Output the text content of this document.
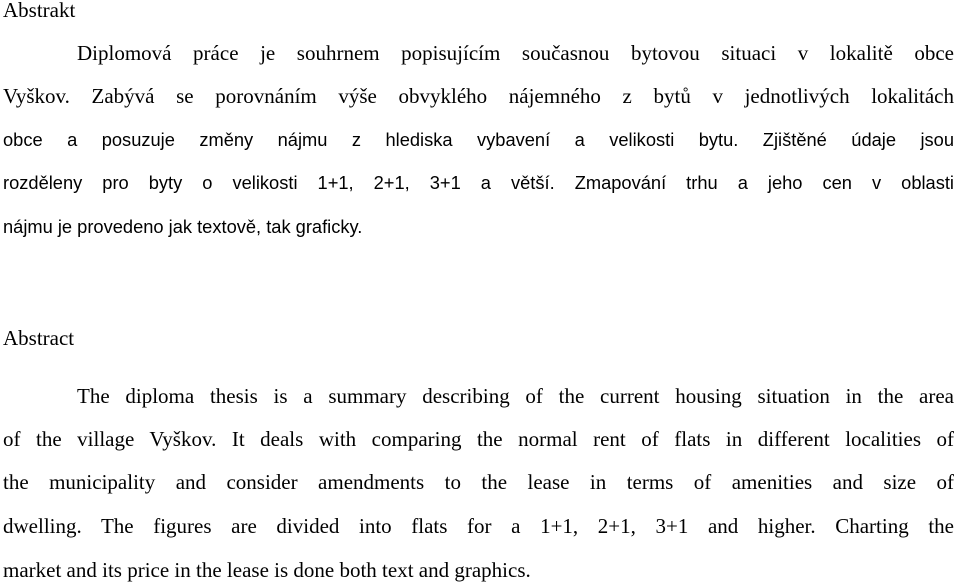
Abstrakt

Diplomová práce je souhrnem popisujícím současnou bytovou situaci v lokalitě obce

Vyškov. Zabývá se porovnáním výše obvyklého nájemného z bytů v jednotlivých lokalitách

obce a posuzuje změny nájmu z hlediska vybavení a velikosti bytu. Zjištěné údaje jsou

rozděleny pro byty o velikosti 1+1, 2+1, 3+1 a větší. Zmapování trhu a jeho cen v oblasti

nájmu je provedeno jak textově, tak graficky.

Abstract

The diploma thesis is a summary describing of the current housing situation in the area

of the village Vyškov. It deals with comparing the normal rent of flats in different localities of

the municipality and consider amendments to the lease in terms of amenities and size of

dwelling. The figures are divided into flats for a 1+1, 2+1, 3+1 and higher. Charting the

market and its price in the lease is done both text and graphics.
